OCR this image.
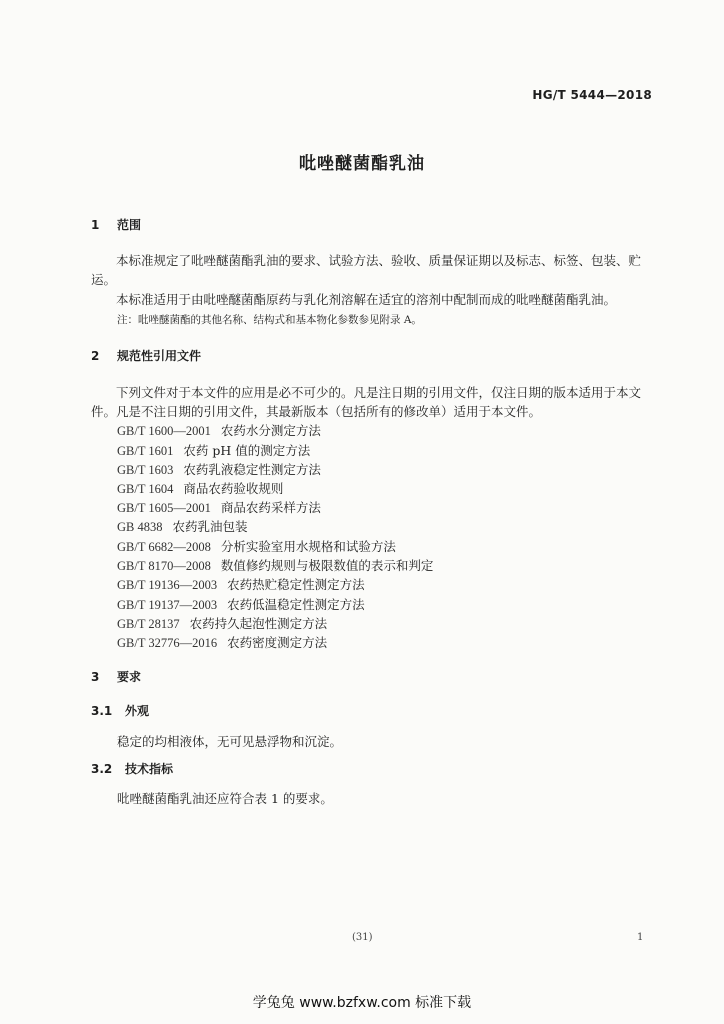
HG/T 5444—2018
吡唑醚菌酯乳油
1 范围
本标准规定了吡唑醚菌酯乳油的要求、试验方法、验收、质量保证期以及标志、标签、包装、贮运。
本标准适用于由吡唑醚菌酯原药与乳化剂溶解在适宜的溶剂中配制而成的吡唑醚菌酯乳油。
注：吡唑醚菌酯的其他名称、结构式和基本物化参数参见附录 A。
2 规范性引用文件
下列文件对于本文件的应用是必不可少的。凡是注日期的引用文件，仅注日期的版本适用于本文件。凡是不注日期的引用文件，其最新版本（包括所有的修改单）适用于本文件。
GB/T 1600—2001 农药水分测定方法
GB/T 1601 农药 pH 值的测定方法
GB/T 1603 农药乳液稳定性测定方法
GB/T 1604 商品农药验收规则
GB/T 1605—2001 商品农药采样方法
GB 4838 农药乳油包装
GB/T 6682—2008 分析实验室用水规格和试验方法
GB/T 8170—2008 数值修约规则与极限数值的表示和判定
GB/T 19136—2003 农药热贮稳定性测定方法
GB/T 19137—2003 农药低温稳定性测定方法
GB/T 28137 农药持久起泡性测定方法
GB/T 32776—2016 农药密度测定方法
3 要求
3.1 外观
稳定的均相液体，无可见悬浮物和沉淀。
3.2 技术指标
吡唑醚菌酯乳油还应符合表 1 的要求。
(31)	1
学兔兔 www.bzfxw.com 标准下载
